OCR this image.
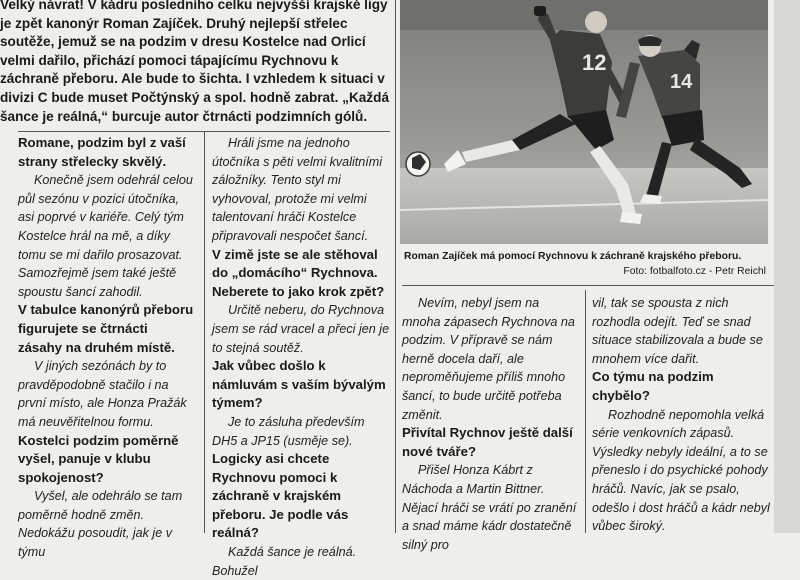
Velký návrat! V kádru posledního celku nejvyšší krajské ligy
je zpět kanonýr Roman Zajíček. Druhý nejlepší střelec
soutěže, jemuž se na podzim v dresu Kostelce nad Orlicí
velmi dařilo, přichází pomoci tápajícímu Rychnovu k
záchraně přeboru. Ale bude to šichta. I vzhledem k situaci v
divizi C bude muset Počtýnský a spol. hodně zabrat. „Každá
šance je reálná,“ burcuje autor čtrnácti podzimních gólů.
12
14
Roman Zajíček má pomocí Rychnovu k záchraně krajského přeboru.
Foto: fotbalfoto.cz - Petr Reichl

Romane, podzim byl z vaší strany střelecky skvělý.

Konečně jsem odehrál celou půl sezónu v pozici útočníka, asi poprvé v kariéře. Celý tým Kostelce hrál na mě, a díky tomu se mi dařilo prosazovat. Samozřejmě jsem také ještě spoustu šancí zahodil.

V tabulce kanonýrů přeboru figurujete se čtrnácti zásahy na druhém místě.

V jiných sezónách by to pravděpodobně stačilo i na první místo, ale Honza Pražák má neuvěřitelnou formu.

Kostelci podzim poměrně vyšel, panuje v klubu spokojenost?

Vyšel, ale odehrálo se tam poměrně hodně změn. Nedokážu posoudit, jak je v týmu

Hráli jsme na jednoho útočníka s pěti velmi kvalitními záložníky. Tento styl mi vyhovoval, protože mi velmi talentovaní hráči Kostelce připravovali nespočet šancí.

V zimě jste se ale stěhoval do „domácího“ Rychnova. Neberete to jako krok zpět?

Určitě neberu, do Rychnova jsem se rád vracel a přeci jen je to stejná soutěž.

Jak vůbec došlo k námluvám s vaším bývalým týmem?

Je to zásluha především DH5 a JP15 (usměje se).

Logicky asi chcete Rychnovu pomoci k záchraně v krajském přeboru. Je podle vás reálná?

Každá šance je reálná. Bohužel

Nevím, nebyl jsem na mnoha zápasech Rychnova na podzim. V přípravě se nám herně docela daří, ale neproměňujeme příliš mnoho šancí, to bude určitě potřeba změnit.

Přivítal Rychnov ještě další nové tváře?

Přišel Honza Kábrt z Náchoda a Martin Bittner. Nějací hráči se vrátí po zranění a snad máme kádr dostatečně silný pro

vil, tak se spousta z nich rozhodla odejít. Teď se snad situace stabilizovala a bude se mnohem více dařit.

Co týmu na podzim chybělo?

Rozhodně nepomohla velká série venkovních zápasů. Výsledky nebyly ideální, a to se přeneslo i do psychické pohody hráčů. Navíc, jak se psalo, odešlo i dost hráčů a kádr nebyl vůbec široký.
